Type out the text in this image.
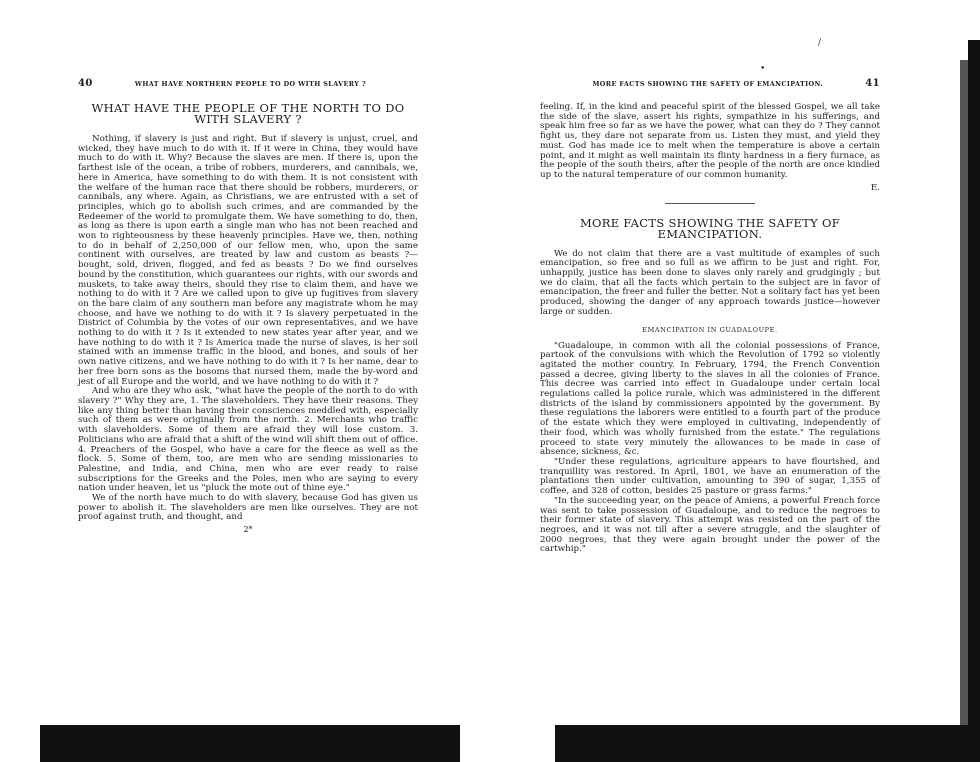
/
•
40	WHAT HAVE NORTHERN PEOPLE TO DO WITH SLAVERY ?
WHAT HAVE THE PEOPLE OF THE NORTH TO DO WITH SLAVERY ?

Nothing, if slavery is just and right. But if slavery is unjust, cruel, and wicked, they have much to do with it. If it were in China, they would have much to do with it. Why? Because the slaves are men. If there is, upon the farthest isle of the ocean, a tribe of robbers, murderers, and cannibals, we, here in America, have something to do with them. It is not consistent with the welfare of the human race that there should be robbers, murderers, or cannibals, any where. Again, as Christians, we are entrusted with a set of principles, which go to abolish such crimes, and are commanded by the Redeemer of the world to promulgate them. We have something to do, then, as long as there is upon earth a single man who has not been reached and won to righteousness by these heavenly principles. Have we, then, nothing to do in behalf of 2,250,000 of our fellow men, who, upon the same continent with ourselves, are treated by law and custom as beasts ?—bought, sold, driven, flogged, and fed as beasts ? Do we find ourselves bound by the constitution, which guarantees our rights, with our swords and muskets, to take away theirs, should they rise to claim them, and have we nothing to do with it ? Are we called upon to give up fugitives from slavery on the bare claim of any southern man before any magistrate whom he may choose, and have we nothing to do with it ? Is slavery perpetuated in the District of Columbia by the votes of our own representatives, and we have nothing to do with it ? Is it extended to new states year after year, and we have nothing to do with it ? Is America made the nurse of slaves, is her soil stained with an immense traffic in the blood, and bones, and souls of her own native citizens, and we have nothing to do with it ? Is her name, dear to her free born sons as the bosoms that nursed them, made the by-word and jest of all Europe and the world, and we have nothing to do with it ?

And who are they who ask, "what have the people of the north to do with slavery ?" Why they are, 1. The slaveholders. They have their reasons. They like any thing better than having their consciences meddled with, especially such of them as were originally from the north. 2. Merchants who traffic with slaveholders. Some of them are afraid they will lose custom. 3. Politicians who are afraid that a shift of the wind will shift them out of office. 4. Preachers of the Gospel, who have a care for the fleece as well as the flock. 5. Some of them, too, are men who are sending missionaries to Palestine, and India, and China, men who are ever ready to raise subscriptions for the Greeks and the Poles, men who are saying to every nation under heaven, let us "pluck the mote out of thine eye."

We of the north have much to do with slavery, because God has given us power to abolish it. The slaveholders are men like ourselves. They are not proof against truth, and thought, and

2*
MORE FACTS SHOWING THE SAFETY OF EMANCIPATION.	41

feeling. If, in the kind and peaceful spirit of the blessed Gospel, we all take the side of the slave, assert his rights, sympathize in his sufferings, and speak him free so far as we have the power, what can they do ? They cannot fight us, they dare not separate from us. Listen they must, and yield they must. God has made ice to melt when the temperature is above a certain point, and it might as well maintain its flinty hardness in a fiery furnace, as the people of the south theirs, after the people of the north are once kindled up to the natural temperature of our common humanity.

E.
MORE FACTS SHOWING THE SAFETY OF EMANCIPATION.

We do not claim that there are a vast multitude of examples of such emancipation, so free and so full as we affirm to be just and right. For, unhappily, justice has been done to slaves only rarely and grudgingly ; but we do claim, that all the facts which pertain to the subject are in favor of emancipation, the freer and fuller the better. Not a solitary fact has yet been produced, showing the danger of any approach towards justice—however large or sudden.

EMANCIPATION IN GUADALOUPE.

"Guadaloupe, in common with all the colonial possessions of France, partook of the convulsions with which the Revolution of 1792 so violently agitated the mother country. In February, 1794, the French Convention passed a decree, giving liberty to the slaves in all the colonies of France. This decree was carried into effect in Guadaloupe under certain local regulations called la police rurale, which was administered in the different districts of the island by commissioners appointed by the government. By these regulations the laborers were entitled to a fourth part of the produce of the estate which they were employed in cultivating, independently of their food, which was wholly furnished from the estate." The regulations proceed to state very minutely the allowances to be made in case of absence, sickness, &c.

"Under these regulations, agriculture appears to have flourished, and tranquillity was restored. In April, 1801, we have an enumeration of the plantations then under cultivation, amounting to 390 of sugar, 1,355 of coffee, and 328 of cotton, besides 25 pasture or grass farms."

"In the succeeding year, on the peace of Amiens, a powerful French force was sent to take possession of Guadaloupe, and to reduce the negroes to their former state of slavery. This attempt was resisted on the part of the negroes, and it was not till after a severe struggle, and the slaughter of 2000 negroes, that they were again brought under the power of the cartwhip."
